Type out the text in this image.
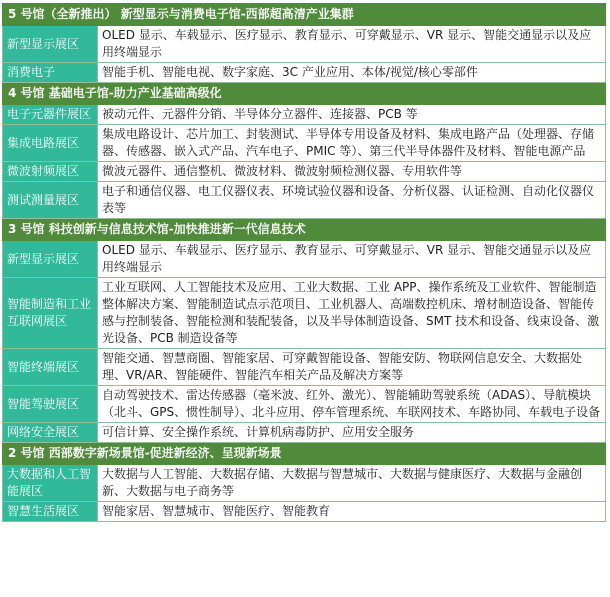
5 号馆（全新推出） 新型显示与消费电子馆-西部超高清产业集群	
新型显示展区	OLED 显示、车载显示、医疗显示、教育显示、可穿戴显示、VR 显示、智能交通显示以及应用终端显示
消费电子	智能手机、智能电视、数字家庭、3C 产业应用、本体/视觉/核心零部件
4 号馆 基础电子馆-助力产业基础高级化	
电子元器件展区	被动元件、元器件分销、半导体分立器件、连接器、PCB 等
集成电路展区	集成电路设计、芯片加工、封装测试、半导体专用设备及材料、集成电路产品（处理器、存储器、传感器、嵌入式产品、汽车电子、PMIC 等）、第三代半导体器件及材料、智能电源产品
微波射频展区	微波元器件、通信整机、微波材料、微波射频检测仪器、专用软件等
测试测量展区	电子和通信仪器、电工仪器仪表、环境试验仪器和设备、分析仪器、认证检测、自动化仪器仪表等
3 号馆 科技创新与信息技术馆-加快推进新一代信息技术	
新型显示展区	OLED 显示、车载显示、医疗显示、教育显示、可穿戴显示、VR 显示、智能交通显示以及应用终端显示
智能制造和工业互联网展区	工业互联网、人工智能技术及应用、工业大数据、工业 APP、操作系统及工业软件、智能制造整体解决方案、智能制造试点示范项目、工业机器人、高端数控机床、增材制造设备、智能传感与控制装备、智能检测和装配装备，以及半导体制造设备、SMT 技术和设备、线束设备、激光设备、PCB 制造设备等
智能终端展区	智能交通、智慧商圈、智能家居、可穿戴智能设备、智能安防、物联网信息安全、大数据处理、VR/AR、智能硬件、智能汽车相关产品及解决方案等
智能驾驶展区	自动驾驶技术、雷达传感器（毫米波、红外、激光）、智能辅助驾驶系统（ADAS）、导航模块（北斗、GPS、惯性制导）、北斗应用、停车管理系统、车联网技术、车路协同、车载电子设备
网络安全展区	可信计算、安全操作系统、计算机病毒防护、应用安全服务
2 号馆 西部数字新场景馆-促进新经济、呈现新场景	
大数据和人工智能展区	大数据与人工智能、大数据存储、大数据与智慧城市、大数据与健康医疗、大数据与金融创新、大数据与电子商务等
智慧生活展区	智能家居、智慧城市、智能医疗、智能教育
